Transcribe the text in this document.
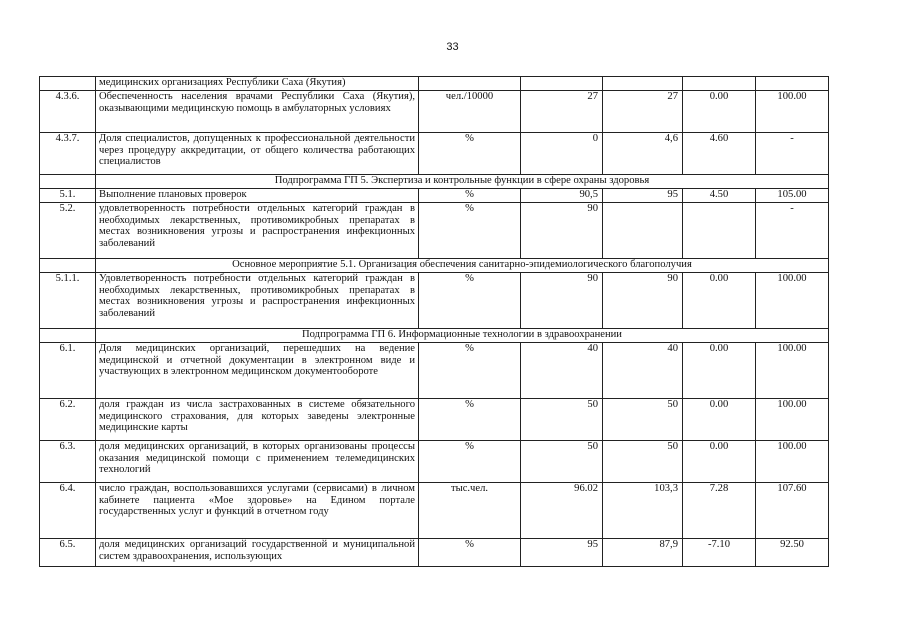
33
	медицинских организациях Республики Саха (Якутия)					
4.3.6.	Обеспеченность населения врачами Республики Саха (Якутия), оказывающими медицинскую помощь в амбулаторных условиях	чел./10000	27	27	0.00	100.00
4.3.7.	Доля специалистов, допущенных к профессиональной деятельности через процедуру аккредитации, от общего количества работающих специалистов	%	0	4,6	4.60	-
	Подпрограмма ГП 5. Экспертиза и контрольные функции в сфере охраны здоровья					
5.1.	Выполнение плановых проверок	%	90,5	95	4.50	105.00
5.2.	удовлетворенность потребности отдельных категорий граждан в необходимых лекарственных, противомикробных препаратах в местах возникновения угрозы и распространения инфекционных заболеваний	%	90			-
	Основное мероприятие 5.1. Организация обеспечения санитарно-эпидемиологического благополучия					
5.1.1.	Удовлетворенность потребности отдельных категорий граждан в необходимых лекарственных, противомикробных препаратах в местах возникновения угрозы и распространения инфекционных заболеваний	%	90	90	0.00	100.00
	Подпрограмма ГП 6. Информационные технологии в здравоохранении					
6.1.	Доля медицинских организаций, перешедших на ведение медицинской и отчетной документации в электронном виде и участвующих в электронном медицинском документообороте	%	40	40	0.00	100.00
6.2.	доля граждан из числа застрахованных в системе обязательного медицинского страхования, для которых заведены электронные медицинские карты	%	50	50	0.00	100.00
6.3.	доля медицинских организаций, в которых организованы процессы оказания медицинской помощи с применением телемедицинских технологий	%	50	50	0.00	100.00
6.4.	число граждан, воспользовавшихся услугами (сервисами) в личном кабинете пациента «Мое здоровье» на Едином портале государственных услуг и функций в отчетном году	тыс.чел.	96.02	103,3	7.28	107.60
6.5.	доля медицинских организаций государственной и муниципальной систем здравоохранения, использующих	%	95	87,9	-7.10	92.50
